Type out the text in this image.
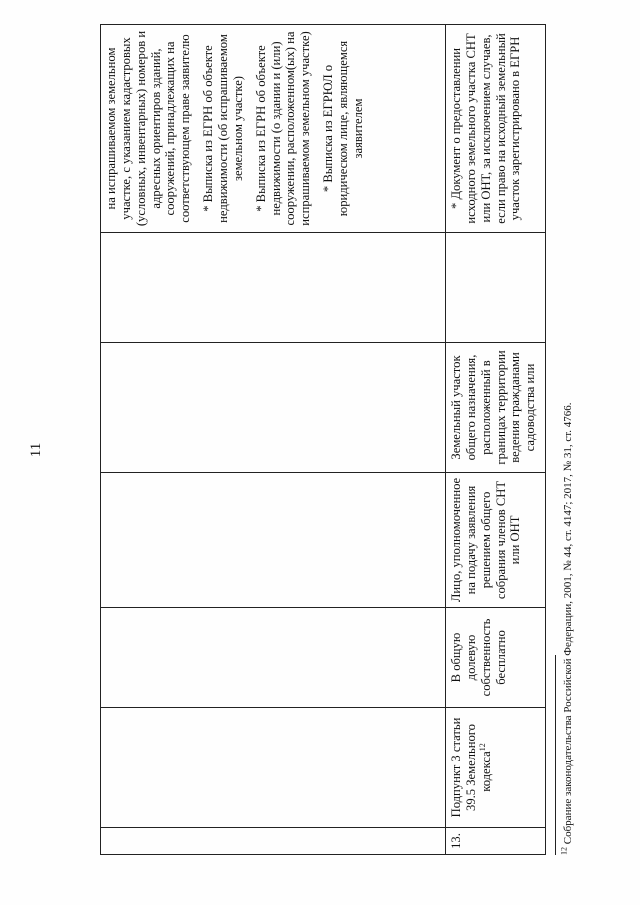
11

						на испрашиваемом земельном участке, с указанием кадастровых (условных, инвентарных) номеров и адресных ориентиров зданий, сооружений, принадлежащих на соответствующем праве заявителю * Выписка из ЕГРН об объекте недвижимости (об испрашиваемом земельном участке) * Выписка из ЕГРН об объекте недвижимости (о здании и (или) сооружении, расположенном(ых) на испрашиваемом земельном участке) * Выписка из ЕГРЮЛ о юридическом лице, являющемся заявителем

13.	Подпункт 3 статьи 39.5 Земельного кодекса$^{12}$	В общую долевую собственность бесплатно	Лицо, уполномоченное на подачу заявления решением общего собрания членов СНТ или ОНТ	Земельный участок общего назначения, расположенный в границах территории ведения гражданами садоводства или		* Документ о предоставлении исходного земельного участка СНТ или ОНТ, за исключением случаев, если право на исходный земельный участок зарегистрировано в ЕГРН

$^{12}$ Собрание законодательства Российской Федерации, 2001, № 44, ст. 4147; 2017, № 31, ст. 4766.
